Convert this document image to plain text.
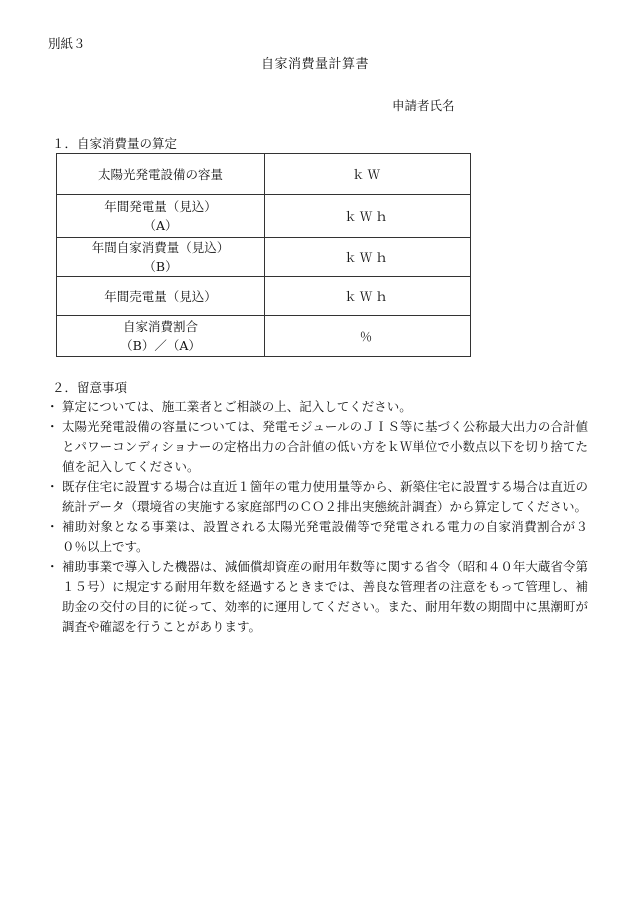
別紙３
自家消費量計算書
申請者氏名
１．自家消費量の算定
太陽光発電設備の容量	ｋＷ

年間発電量（見込）
（A）	ｋＷｈ

年間自家消費量（見込）
（B）	ｋＷｈ

年間売電量（見込）	ｋＷｈ

自家消費割合
（B）／（A）	％
２．留意事項
・ 算定については、施工業者とご相談の上、記入してください。
・ 太陽光発電設備の容量については、発電モジュールのＪＩＳ等に基づく公称最大出力の合計値とパワーコンディショナーの定格出力の合計値の低い方をｋＷ単位で小数点以下を切り捨てた値を記入してください。
・ 既存住宅に設置する場合は直近１箇年の電力使用量等から、新築住宅に設置する場合は直近の統計データ（環境省の実施する家庭部門のＣＯ２排出実態統計調査）から算定してください。
・ 補助対象となる事業は、設置される太陽光発電設備等で発電される電力の自家消費割合が３０％以上です。
・ 補助事業で導入した機器は、減価償却資産の耐用年数等に関する省令（昭和４０年大蔵省令第１５号）に規定する耐用年数を経過するときまでは、善良な管理者の注意をもって管理し、補助金の交付の目的に従って、効率的に運用してください。また、耐用年数の期間中に黒潮町が調査や確認を行うことがあります。
